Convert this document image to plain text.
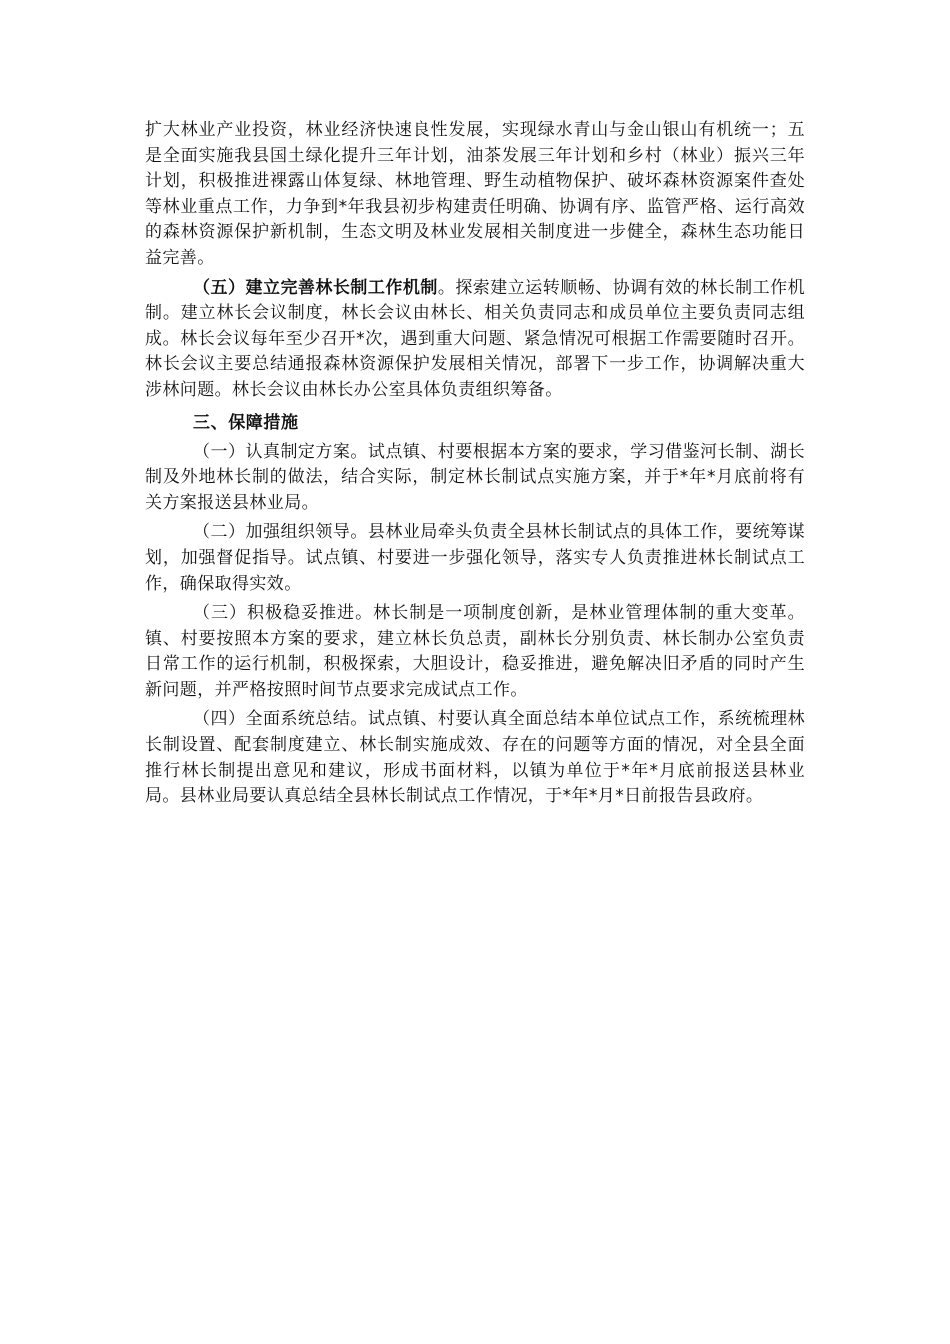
扩大林业产业投资，林业经济快速良性发展，实现绿水青山与金山银山有机统一；五是全面实施我县国土绿化提升三年计划，油茶发展三年计划和乡村（林业）振兴三年计划，积极推进裸露山体复绿、林地管理、野生动植物保护、破坏森林资源案件查处等林业重点工作，力争到*年我县初步构建责任明确、协调有序、监管严格、运行高效的森林资源保护新机制，生态文明及林业发展相关制度进一步健全，森林生态功能日益完善。

（五）建立完善林长制工作机制。探索建立运转顺畅、协调有效的林长制工作机制。建立林长会议制度，林长会议由林长、相关负责同志和成员单位主要负责同志组成。林长会议每年至少召开*次，遇到重大问题、紧急情况可根据工作需要随时召开。林长会议主要总结通报森林资源保护发展相关情况，部署下一步工作，协调解决重大涉林问题。林长会议由林长办公室具体负责组织筹备。

三、保障措施

（一）认真制定方案。试点镇、村要根据本方案的要求，学习借鉴河长制、湖长制及外地林长制的做法，结合实际，制定林长制试点实施方案，并于*年*月底前将有关方案报送县林业局。

（二）加强组织领导。县林业局牵头负责全县林长制试点的具体工作，要统筹谋划，加强督促指导。试点镇、村要进一步强化领导，落实专人负责推进林长制试点工作，确保取得实效。

（三）积极稳妥推进。林长制是一项制度创新，是林业管理体制的重大变革。镇、村要按照本方案的要求，建立林长负总责，副林长分别负责、林长制办公室负责日常工作的运行机制，积极探索，大胆设计，稳妥推进，避免解决旧矛盾的同时产生新问题，并严格按照时间节点要求完成试点工作。

（四）全面系统总结。试点镇、村要认真全面总结本单位试点工作，系统梳理林长制设置、配套制度建立、林长制实施成效、存在的问题等方面的情况，对全县全面推行林长制提出意见和建议，形成书面材料，以镇为单位于*年*月底前报送县林业局。县林业局要认真总结全县林长制试点工作情况，于*年*月*日前报告县政府。
